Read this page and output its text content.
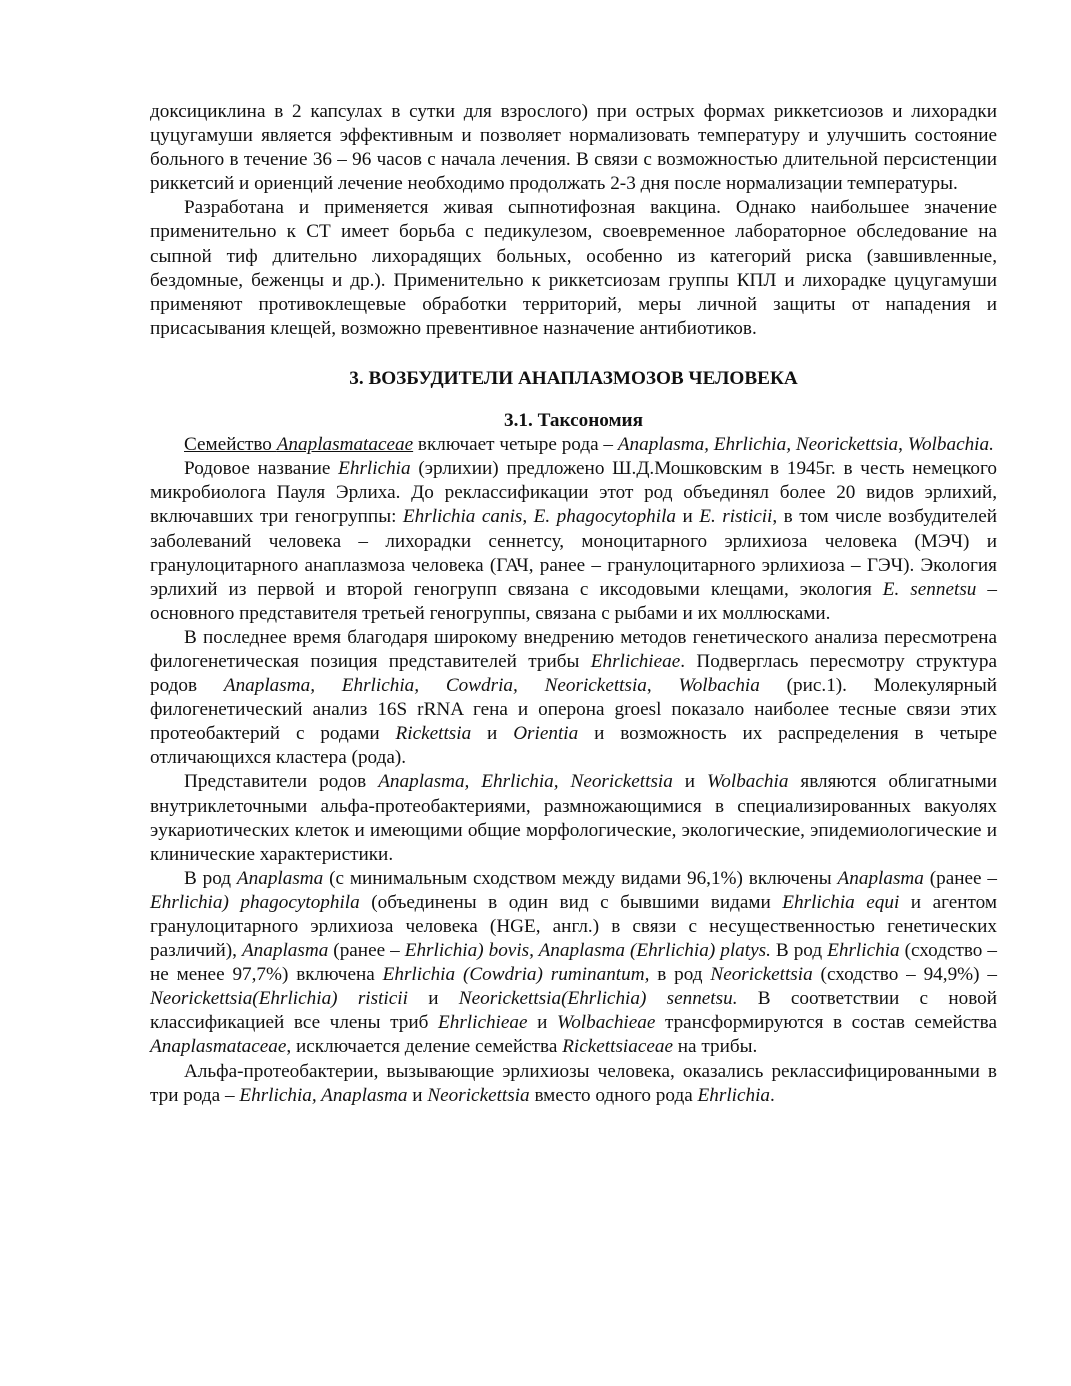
доксициклина в 2 капсулах в сутки для взрослого) при острых формах риккетсиозов и лихорадки цуцугамуши является эффективным и позволяет нормализовать температуру и улучшить состояние больного в течение 36 – 96 часов с начала лечения. В связи с возможностью длительной персистенции риккетсий и ориенций лечение необходимо продолжать 2-3 дня после нормализации температуры.

Разработана и применяется живая сыпнотифозная вакцина. Однако наибольшее значение применительно к СТ имеет борьба с педикулезом, своевременное лабораторное обследование на сыпной тиф длительно лихорадящих больных, особенно из категорий риска (завшивленные, бездомные, беженцы и др.). Применительно к риккетсиозам группы КПЛ и лихорадке цуцугамуши применяют противоклещевые обработки территорий, меры личной защиты от нападения и присасывания клещей, возможно превентивное назначение антибиотиков.

3. ВОЗБУДИТЕЛИ АНАПЛАЗМОЗОВ ЧЕЛОВЕКА
3.1. Таксономия

Семейство Anaplasmataceae включает четыре рода – Anaplasma, Ehrlichia, Neorickettsia, Wolbachia.

Родовое название Ehrlichia (эрлихии) предложено Ш.Д.Мошковским в 1945г. в честь немецкого микробиолога Пауля Эрлиха. До реклассификации этот род объединял более 20 видов эрлихий, включавших три геногруппы: Ehrlichia canis, E. phagocytophila и E. risticii, в том числе возбудителей заболеваний человека – лихорадки сеннетсу, моноцитарного эрлихиоза человека (МЭЧ) и гранулоцитарного анаплазмоза человека (ГАЧ, ранее – гранулоцитарного эрлихиоза – ГЭЧ). Экология эрлихий из первой и второй геногрупп связана с иксодовыми клещами, экология E. sennetsu – основного представителя третьей геногруппы, связана с рыбами и их моллюсками.

В последнее время благодаря широкому внедрению методов генетического анализа пересмотрена филогенетическая позиция представителей трибы Ehrlichieae. Подверглась пересмотру структура родов Anaplasma, Ehrlichia, Cowdria, Neorickettsia, Wolbachia (рис.1). Молекулярный филогенетический анализ 16S rRNA гена и оперона groesl показало наиболее тесные связи этих протеобактерий с родами Rickettsia и Orientia и возможность их распределения в четыре отличающихся кластера (рода).

Представители родов Anaplasma, Ehrlichia, Neorickettsia и Wolbachia являются облигатными внутриклеточными альфа-протеобактериями, размножающимися в специализированных вакуолях эукариотических клеток и имеющими общие морфологические, экологические, эпидемиологические и клинические характеристики.

В род Anaplasma (с минимальным сходством между видами 96,1%) включены Anaplasma (ранее – Ehrlichia) phagocytophila (объединены в один вид с бывшими видами Ehrlichia equi и агентом гранулоцитарного эрлихиоза человека (HGE, англ.) в связи с несущественностью генетических различий), Anaplasma (ранее – Ehrlichia) bovis, Anaplasma (Ehrlichia) platys. В род Ehrlichia (сходство – не менее 97,7%) включена Ehrlichia (Cowdria) ruminantum, в род Neorickettsia (сходство – 94,9%) – Neorickettsia(Ehrlichia) risticii и Neorickettsia(Ehrlichia) sennetsu. В соответствии с новой классификацией все члены триб Ehrlichieae и Wolbachieae трансформируются в состав семейства Anaplasmataceae, исключается деление семейства Rickettsiaceae на трибы.

Альфа-протеобактерии, вызывающие эрлихиозы человека, оказались реклассифицированными в три рода – Ehrlichia, Anaplasma и Neorickettsia вместо одного рода Ehrlichia.
